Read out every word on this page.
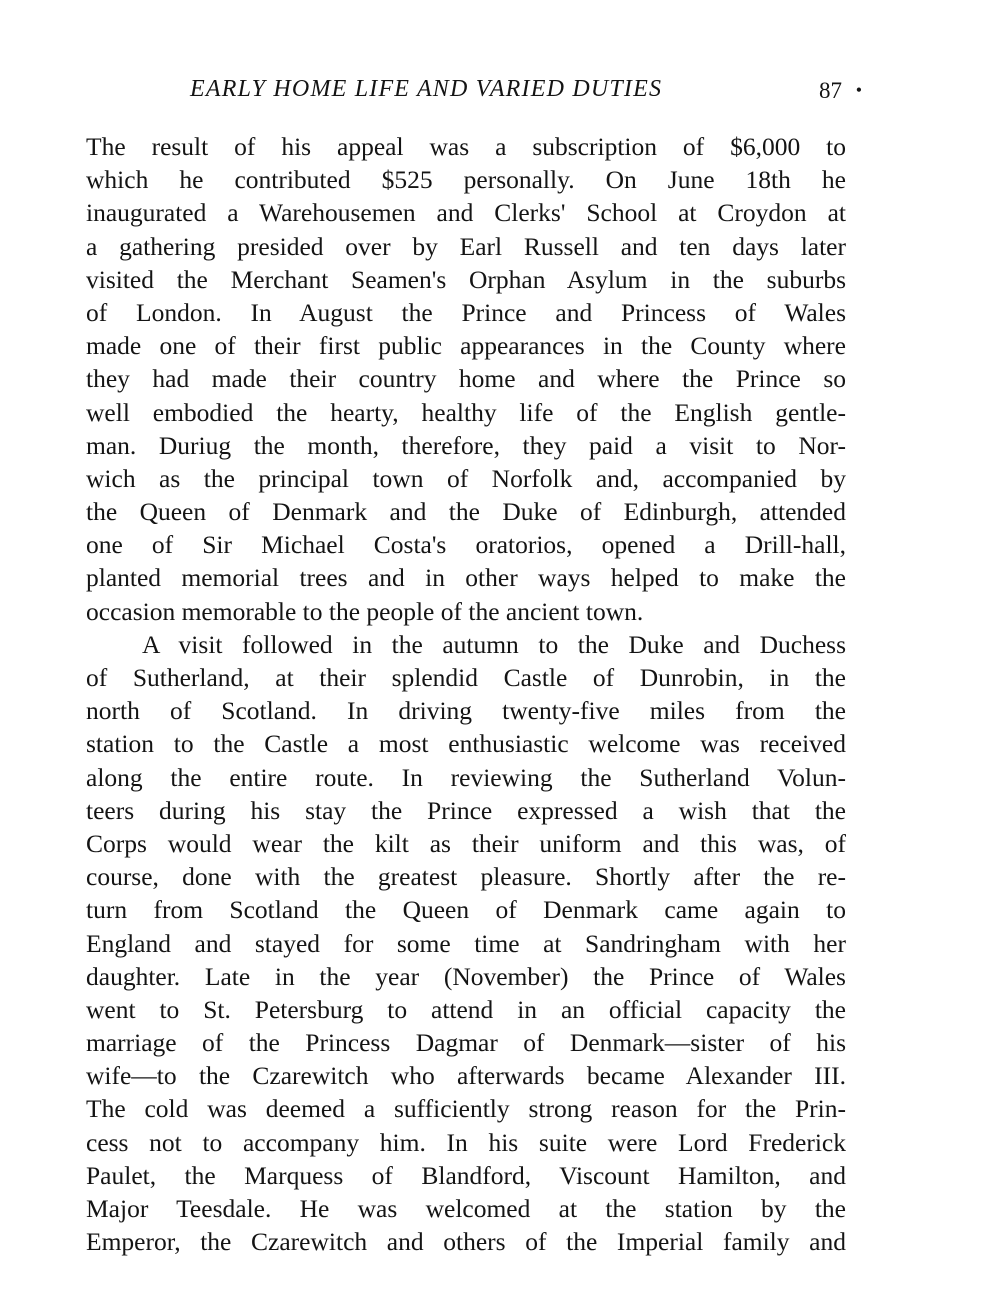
EARLY HOME LIFE AND VARIED DUTIES	87 •
The result of his appeal was a subscription of $6,000 to
which he contributed $525 personally. On June 18th he
inaugurated a Warehousemen and Clerks' School at Croydon at
a gathering presided over by Earl Russell and ten days later
visited the Merchant Seamen's Orphan Asylum in the suburbs
of London. In August the Prince and Princess of Wales
made one of their first public appearances in the County where
they had made their country home and where the Prince so
well embodied the hearty, healthy life of the English gentle-
man. Duriug the month, therefore, they paid a visit to Nor-
wich as the principal town of Norfolk and, accompanied by
the Queen of Denmark and the Duke of Edinburgh, attended
one of Sir Michael Costa's oratorios, opened a Drill-hall,
planted memorial trees and in other ways helped to make the
occasion memorable to the people of the ancient town.
A visit followed in the autumn to the Duke and Duchess
of Sutherland, at their splendid Castle of Dunrobin, in the
north of Scotland. In driving twenty-five miles from the
station to the Castle a most enthusiastic welcome was received
along the entire route. In reviewing the Sutherland Volun-
teers during his stay the Prince expressed a wish that the
Corps would wear the kilt as their uniform and this was, of
course, done with the greatest pleasure. Shortly after the re-
turn from Scotland the Queen of Denmark came again to
England and stayed for some time at Sandringham with her
daughter. Late in the year (November) the Prince of Wales
went to St. Petersburg to attend in an official capacity the
marriage of the Princess Dagmar of Denmark—sister of his
wife—to the Czarewitch who afterwards became Alexander III.
The cold was deemed a sufficiently strong reason for the Prin-
cess not to accompany him. In his suite were Lord Frederick
Paulet, the Marquess of Blandford, Viscount Hamilton, and
Major Teesdale. He was welcomed at the station by the
Emperor, the Czarewitch and others of the Imperial family and
